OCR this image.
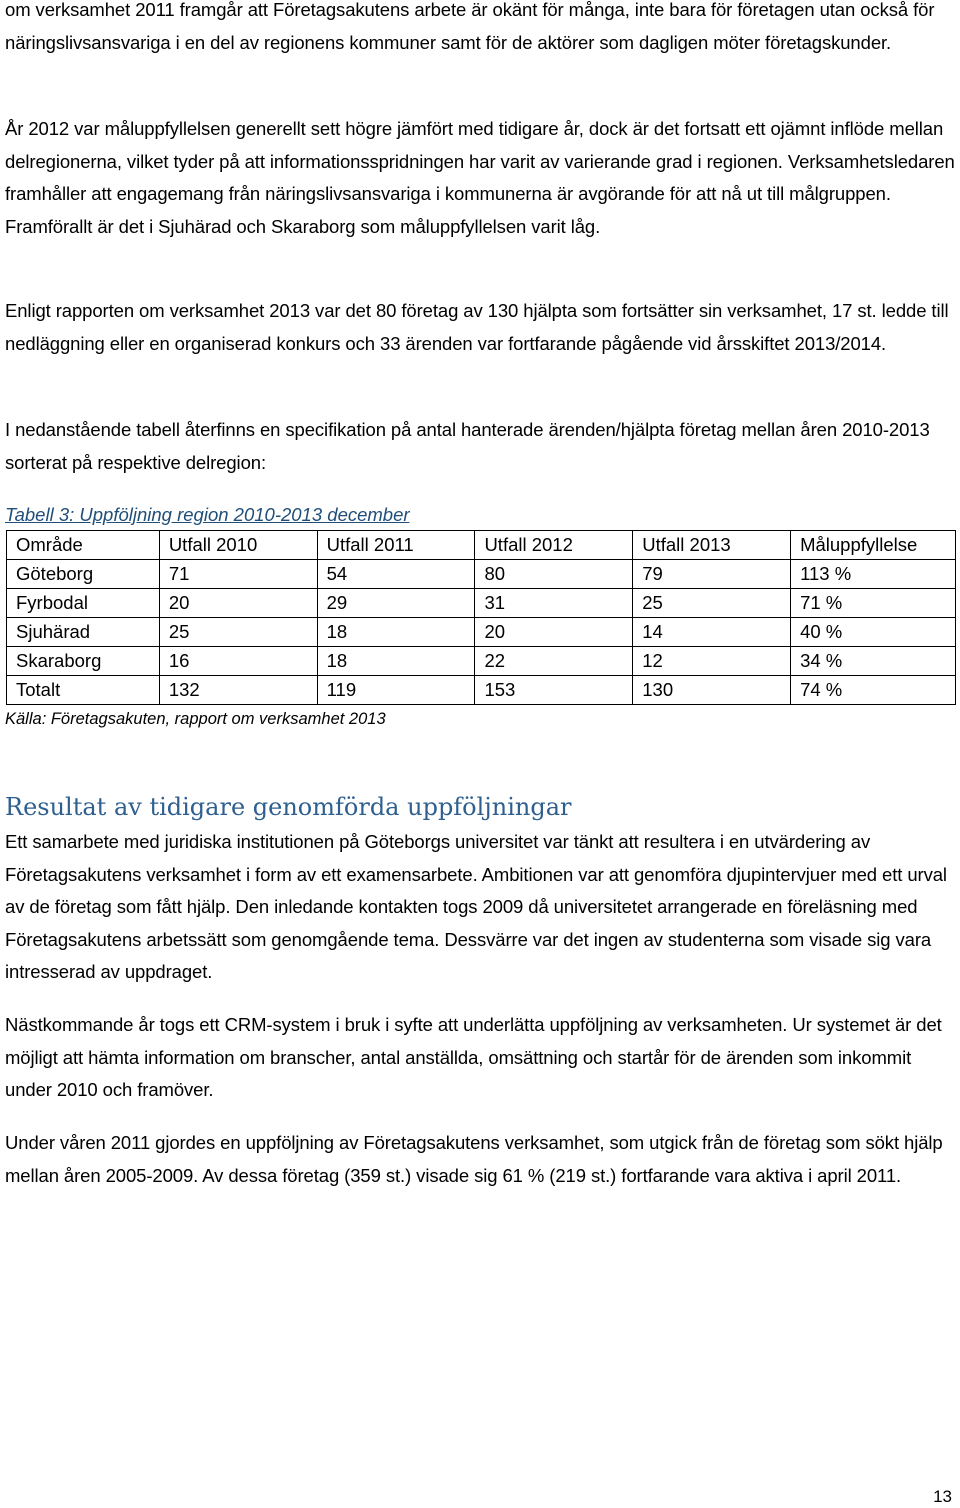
om verksamhet 2011 framgår att Företagsakutens arbete är okänt för många, inte bara för företagen utan också för näringslivsansvariga i en del av regionens kommuner samt för de aktörer som dagligen möter företagskunder.

År 2012 var måluppfyllelsen generellt sett högre jämfört med tidigare år, dock är det fortsatt ett ojämnt inflöde mellan delregionerna, vilket tyder på att informationsspridningen har varit av varierande grad i regionen. Verksamhetsledaren framhåller att engagemang från näringslivsansvariga i kommunerna är avgörande för att nå ut till målgruppen. Framförallt är det i Sjuhärad och Skaraborg som måluppfyllelsen varit låg.

Enligt rapporten om verksamhet 2013 var det 80 företag av 130 hjälpta som fortsätter sin verksamhet, 17 st. ledde till nedläggning eller en organiserad konkurs och 33 ärenden var fortfarande pågående vid årsskiftet 2013/2014.

I nedanstående tabell återfinns en specifikation på antal hanterade ärenden/hjälpta företag mellan åren 2010-2013 sorterat på respektive delregion:

Tabell 3: Uppföljning region 2010-2013 december

Område	Utfall 2010	Utfall 2011	Utfall 2012	Utfall 2013	Måluppfyllelse
Göteborg	71	54	80	79	113 %
Fyrbodal	20	29	31	25	71 %
Sjuhärad	25	18	20	14	40 %
Skaraborg	16	18	22	12	34 %
Totalt	132	119	153	130	74 %

Källa: Företagsakuten, rapport om verksamhet 2013

Resultat av tidigare genomförda uppföljningar

Ett samarbete med juridiska institutionen på Göteborgs universitet var tänkt att resultera i en utvärdering av Företagsakutens verksamhet i form av ett examensarbete. Ambitionen var att genomföra djupintervjuer med ett urval av de företag som fått hjälp. Den inledande kontakten togs 2009 då universitetet arrangerade en föreläsning med Företagsakutens arbetssätt som genomgående tema. Dessvärre var det ingen av studenterna som visade sig vara intresserad av uppdraget.

Nästkommande år togs ett CRM-system i bruk i syfte att underlätta uppföljning av verksamheten. Ur systemet är det möjligt att hämta information om branscher, antal anställda, omsättning och startår för de ärenden som inkommit under 2010 och framöver.

Under våren 2011 gjordes en uppföljning av Företagsakutens verksamhet, som utgick från de företag som sökt hjälp mellan åren 2005-2009. Av dessa företag (359 st.) visade sig 61 % (219 st.) fortfarande vara aktiva i april 2011.

13
